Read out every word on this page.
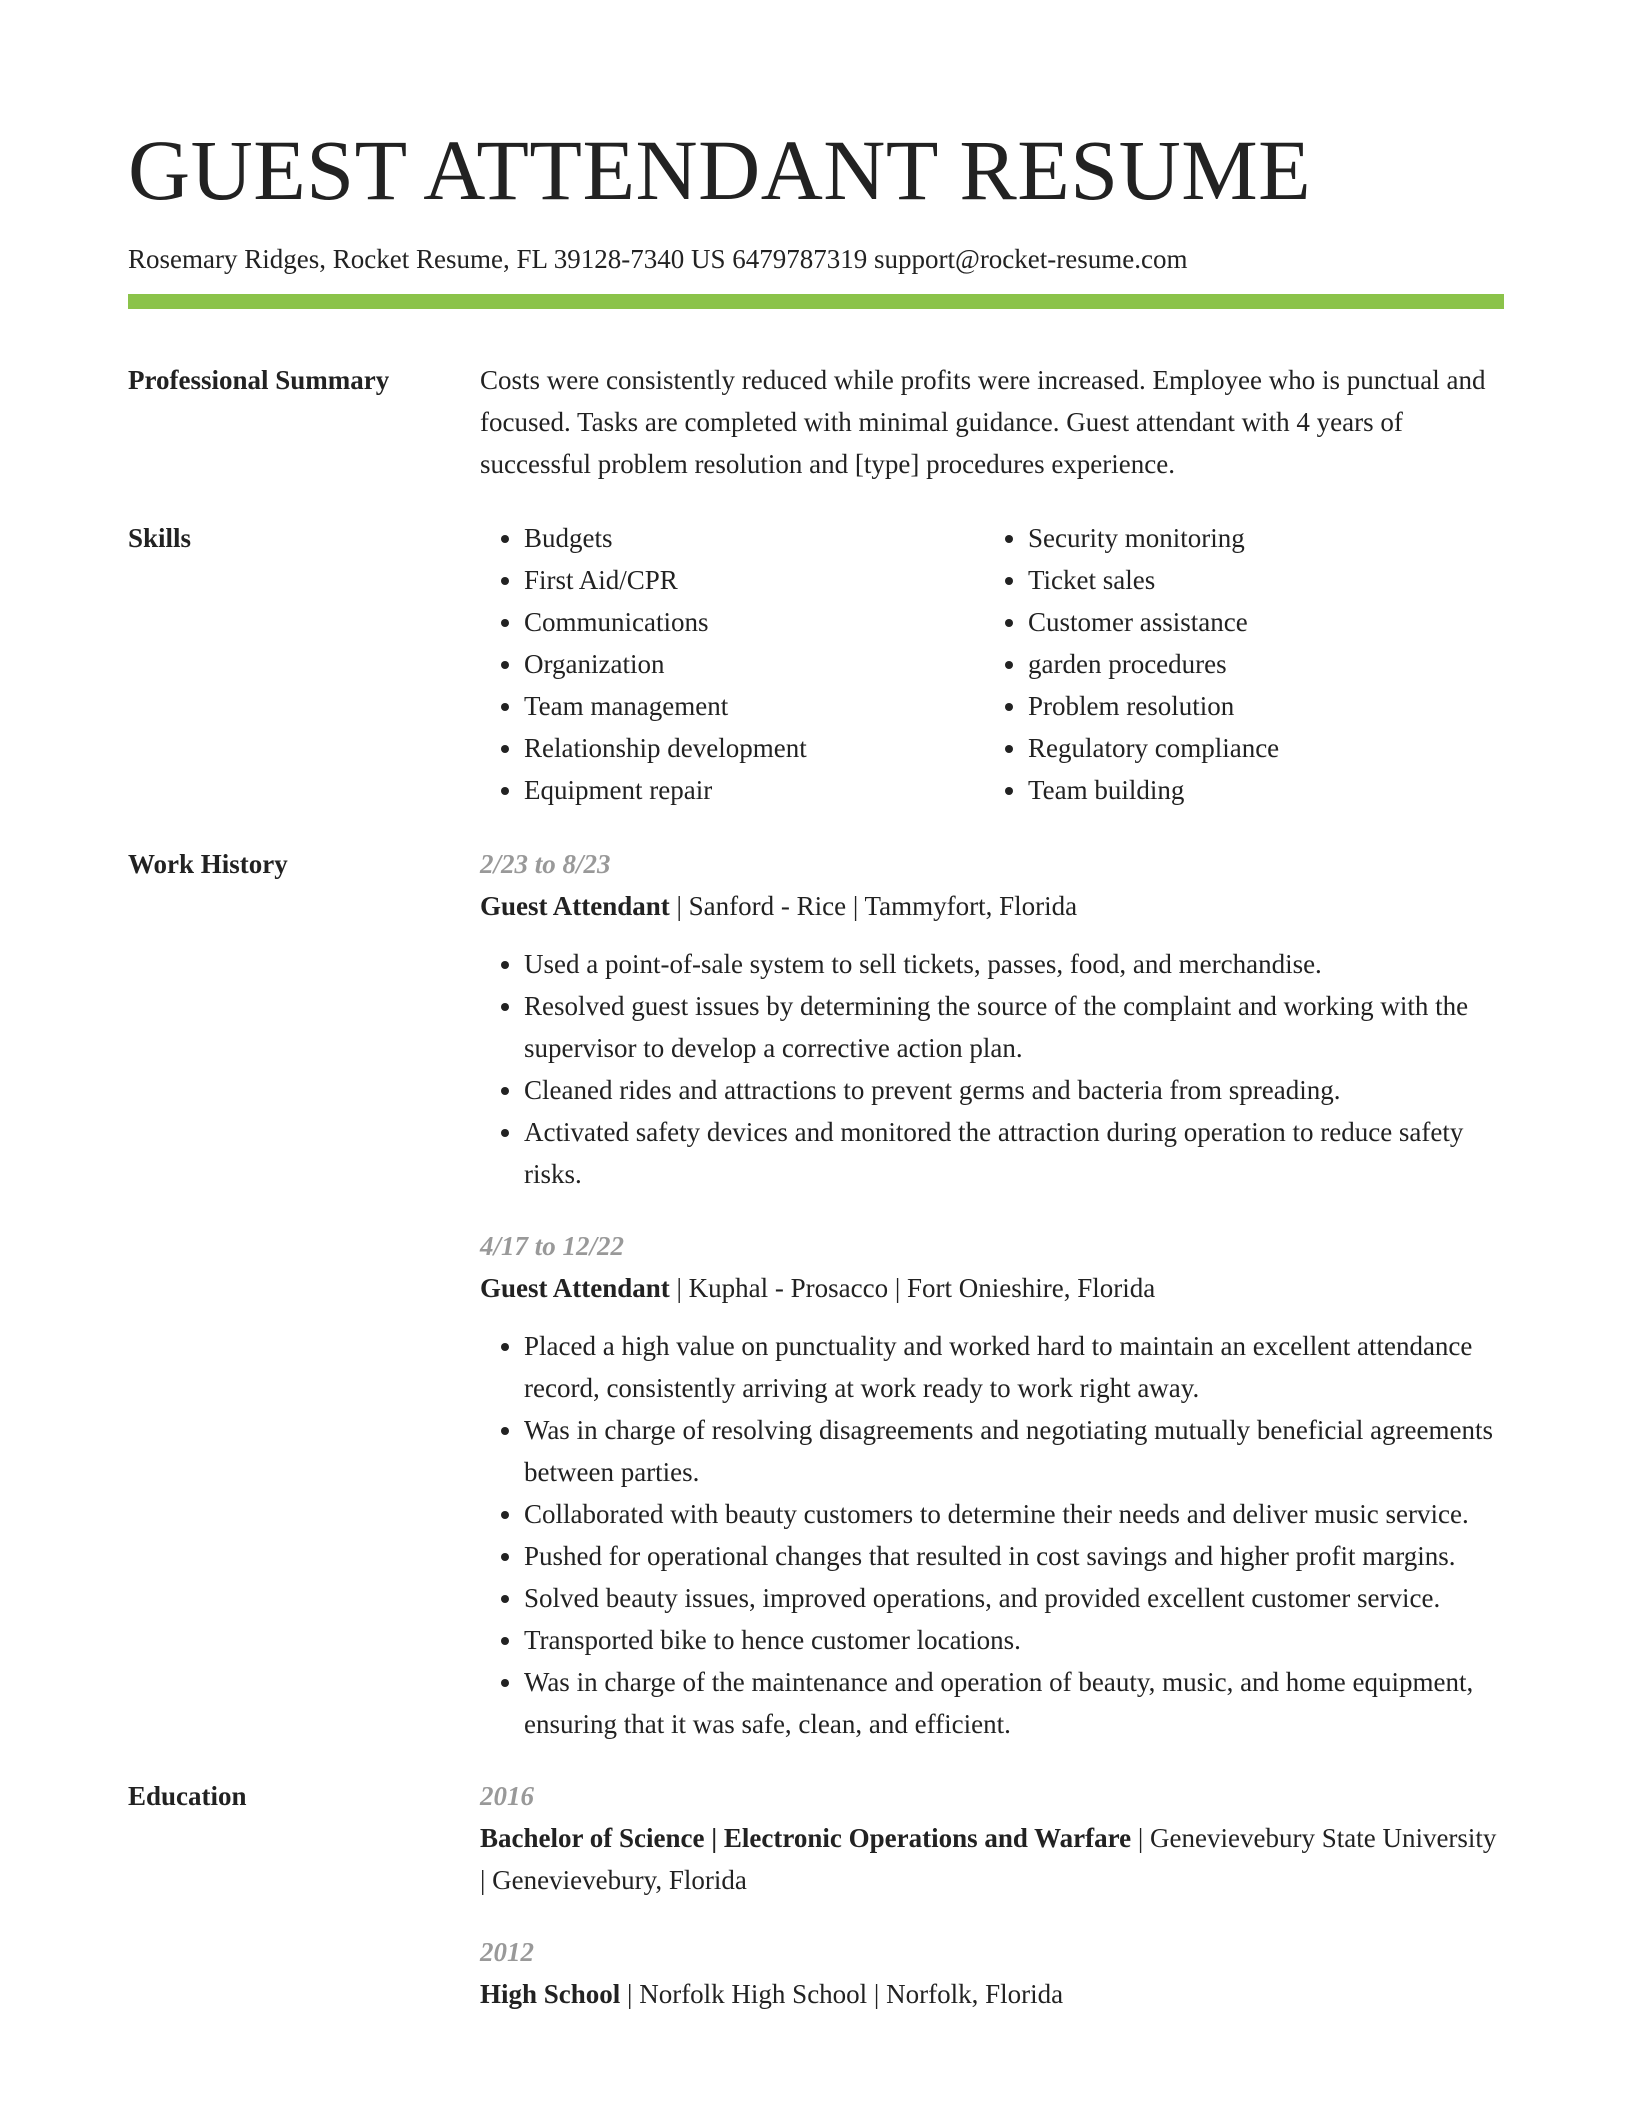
GUEST ATTENDANT RESUME
Rosemary Ridges, Rocket Resume, FL 39128-7340 US 6479787319 support@rocket-resume.com
Professional Summary	Costs were consistently reduced while profits were increased. Employee who is punctual and focused. Tasks are completed with minimal guidance. Guest attendant with 4 years of successful problem resolution and [type] procedures experience.

Skills
•	Budgets
• First Aid/CPR
• Communications
• Organization
• Team management
• Relationship development
• Equipment repair
• Security monitoring
• Ticket sales
• Customer assistance
• garden procedures
• Problem resolution
• Regulatory compliance
• Team building
Work History	2/23 to 8/23
Guest Attendant | Sanford - Rice | Tammyfort, Florida
• Used a point-of-sale system to sell tickets, passes, food, and merchandise.
• Resolved guest issues by determining the source of the complaint and working with the supervisor to develop a corrective action plan.
• Cleaned rides and attractions to prevent germs and bacteria from spreading.
• Activated safety devices and monitored the attraction during operation to reduce safety risks.
4/17 to 12/22
Guest Attendant | Kuphal - Prosacco | Fort Onieshire, Florida
• Placed a high value on punctuality and worked hard to maintain an excellent attendance record, consistently arriving at work ready to work right away.
• Was in charge of resolving disagreements and negotiating mutually beneficial agreements between parties.
• Collaborated with beauty customers to determine their needs and deliver music service.
• Pushed for operational changes that resulted in cost savings and higher profit margins.
• Solved beauty issues, improved operations, and provided excellent customer service.
• Transported bike to hence customer locations.
• Was in charge of the maintenance and operation of beauty, music, and home equipment, ensuring that it was safe, clean, and efficient.
Education	2016
Bachelor of Science | Electronic Operations and Warfare | Genevievebury State University | Genevievebury, Florida
2012
High School | Norfolk High School | Norfolk, Florida
